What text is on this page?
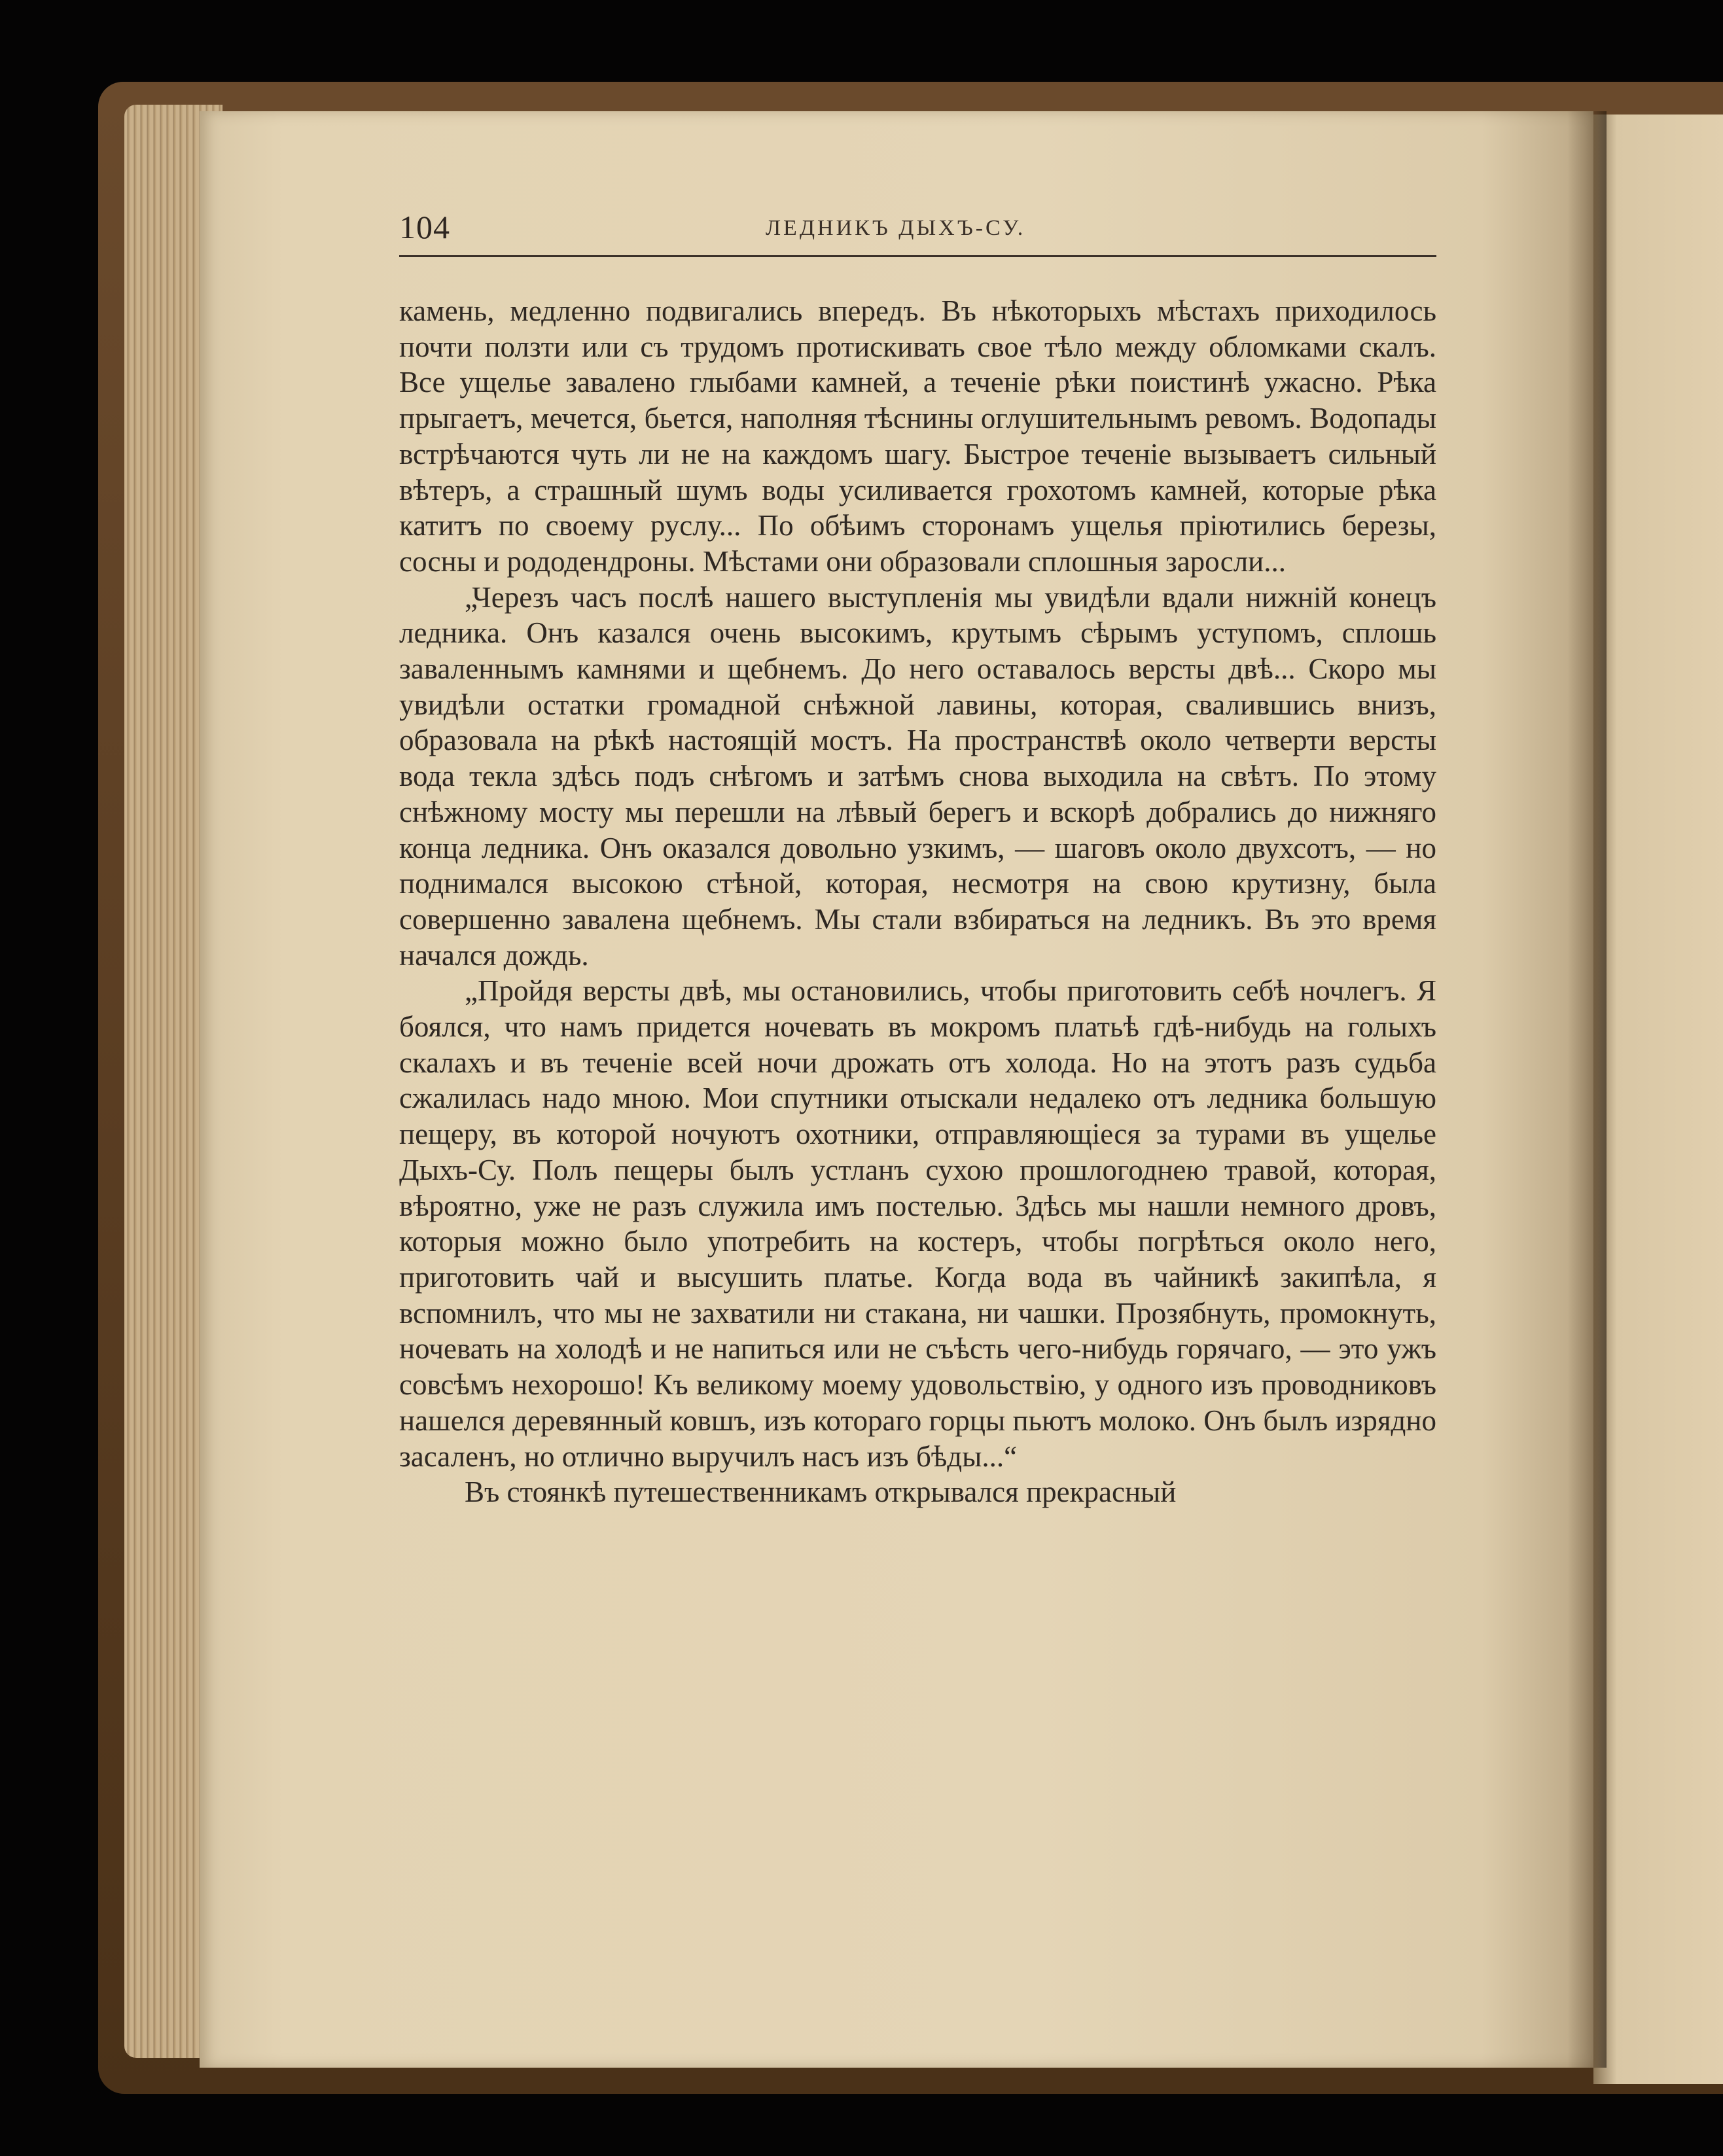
104	ЛЕДНИКЪ ДЫХЪ-СУ.

камень, медленно подвигались впередъ. Въ нѣкоторыхъ мѣстахъ приходилось почти ползти или съ трудомъ протискивать свое тѣло между обломками скалъ. Все ущелье завалено глыбами камней, а теченіе рѣки поистинѣ ужасно. Рѣка прыгаетъ, мечется, бьется, наполняя тѣснины оглушительнымъ ревомъ. Водопады встрѣчаются чуть ли не на каждомъ шагу. Быстрое теченіе вызываетъ сильный вѣтеръ, а страшный шумъ воды усиливается грохотомъ камней, которые рѣка катитъ по своему руслу... По обѣимъ сторонамъ ущелья пріютились березы, сосны и рододендроны. Мѣстами они образовали сплошныя заросли...

„Черезъ часъ послѣ нашего выступленія мы увидѣли вдали нижній конецъ ледника. Онъ казался очень высокимъ, крутымъ сѣрымъ уступомъ, сплошь заваленнымъ камнями и щебнемъ. До него оставалось версты двѣ... Скоро мы увидѣли остатки громадной снѣжной лавины, которая, свалившись внизъ, образовала на рѣкѣ настоящій мостъ. На пространствѣ около четверти версты вода текла здѣсь подъ снѣгомъ и затѣмъ снова выходила на свѣтъ. По этому снѣжному мосту мы перешли на лѣвый берегъ и вскорѣ добрались до нижняго конца ледника. Онъ оказался довольно узкимъ, — шаговъ около двухсотъ, — но поднимался высокою стѣной, которая, несмотря на свою крутизну, была совершенно завалена щебнемъ. Мы стали взбираться на ледникъ. Въ это время начался дождь.

„Пройдя версты двѣ, мы остановились, чтобы приготовить себѣ ночлегъ. Я боялся, что намъ придется ночевать въ мокромъ платьѣ гдѣ-нибудь на голыхъ скалахъ и въ теченіе всей ночи дрожать отъ холода. Но на этотъ разъ судьба сжалилась надо мною. Мои спутники отыскали недалеко отъ ледника большую пещеру, въ которой ночуютъ охотники, отправляющіеся за турами въ ущелье Дыхъ-Су. Полъ пещеры былъ устланъ сухою прошлогоднею травой, которая, вѣроятно, уже не разъ служила имъ постелью. Здѣсь мы нашли немного дровъ, которыя можно было употребить на костеръ, чтобы погрѣться около него, приготовить чай и высушить платье. Когда вода въ чайникѣ закипѣла, я вспомнилъ, что мы не захватили ни стакана, ни чашки. Прозябнуть, промокнуть, ночевать на холодѣ и не напиться или не съѣсть чего-нибудь горячаго, — это ужъ совсѣмъ нехорошо! Къ великому моему удовольствію, у одного изъ проводниковъ нашелся деревянный ковшъ, изъ котораго горцы пьютъ молоко. Онъ былъ изрядно засаленъ, но отлично выручилъ насъ изъ бѣды...“

Въ стоянкѣ путешественникамъ открывался прекрасный
